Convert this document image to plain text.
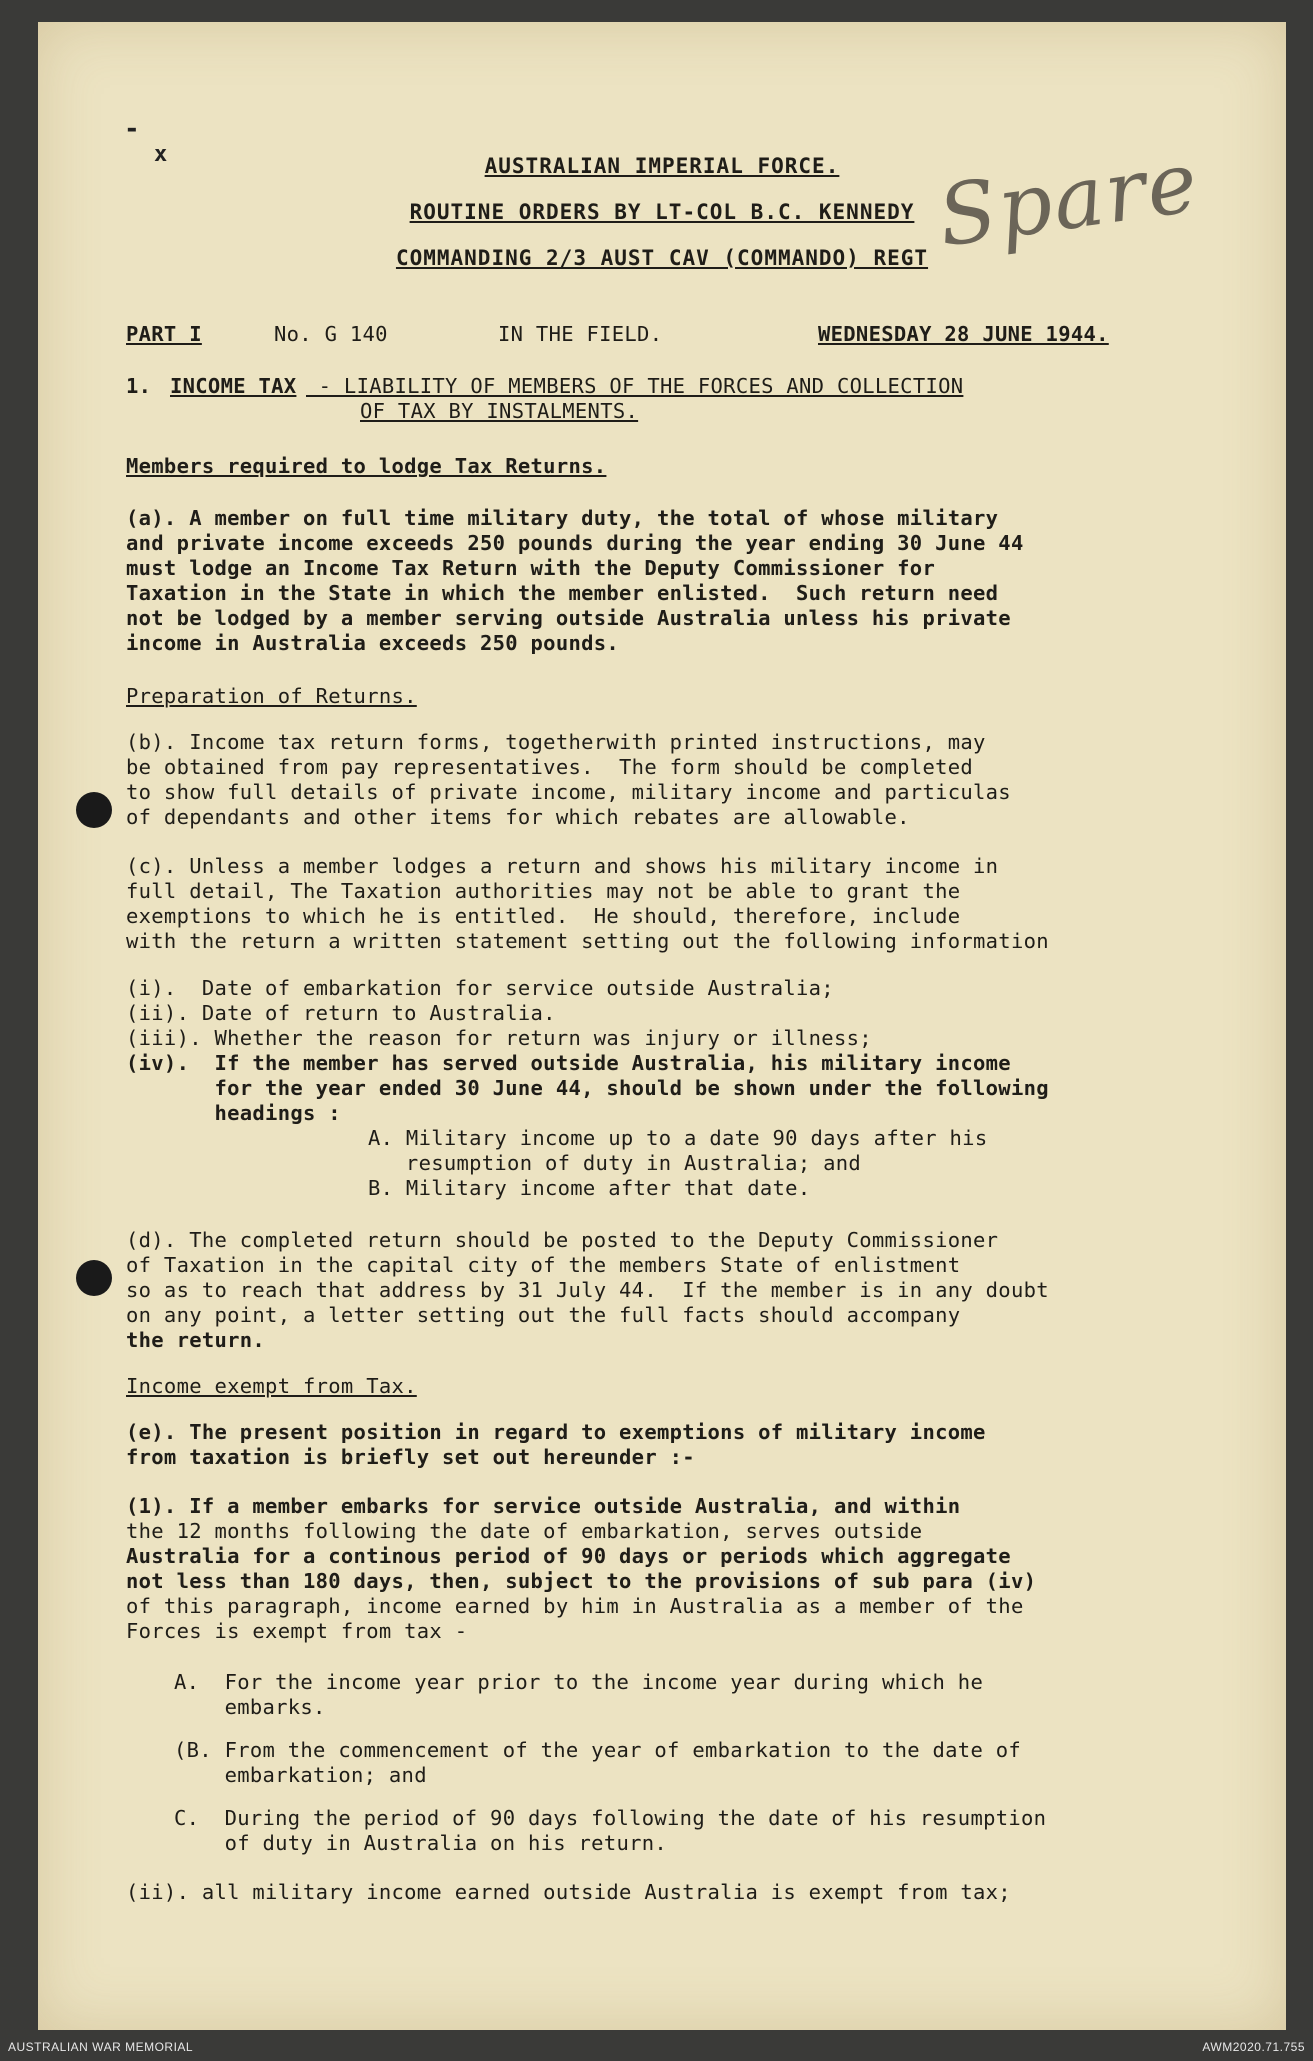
-
x	Spare
AUSTRALIAN IMPERIAL FORCE.
ROUTINE ORDERS BY LT-COL B.C. KENNEDY
COMMANDING 2/3 AUST CAV (COMMANDO) REGT
PART I	No. G 140	IN THE FIELD.	WEDNESDAY 28 JUNE 1944.
1. INCOME TAX - LIABILITY OF MEMBERS OF THE FORCES AND COLLECTION
OF TAX BY INSTALMENTS.
Members required to lodge Tax Returns.
(a). A member on full time military duty, the total of whose military
and private income exceeds 250 pounds during the year ending 30 June 44
must lodge an Income Tax Return with the Deputy Commissioner for
Taxation in the State in which the member enlisted.  Such return need
not be lodged by a member serving outside Australia unless his private
income in Australia exceeds 250 pounds.
Preparation of Returns.
(b). Income tax return forms, togetherwith printed instructions, may
be obtained from pay representatives.  The form should be completed
to show full details of private income, military income and particulas
of dependants and other items for which rebates are allowable.
(c). Unless a member lodges a return and shows his military income in
full detail, The Taxation authorities may not be able to grant the
exemptions to which he is entitled.  He should, therefore, include
with the return a written statement setting out the following information
(i).  Date of embarkation for service outside Australia;
(ii). Date of return to Australia.
(iii). Whether the reason for return was injury or illness;
(iv).  If the member has served outside Australia, his military income
for the year ended 30 June 44, should be shown under the following
headings :
A. Military income up to a date 90 days after his
resumption of duty in Australia; and
B. Military income after that date.
(d). The completed return should be posted to the Deputy Commissioner
of Taxation in the capital city of the members State of enlistment
so as to reach that address by 31 July 44.  If the member is in any doubt
on any point, a letter setting out the full facts should accompany
the return.
Income exempt from Tax.
(e). The present position in regard to exemptions of military income
from taxation is briefly set out hereunder :-
(1). If a member embarks for service outside Australia, and within
the 12 months following the date of embarkation, serves outside
Australia for a continous period of 90 days or periods which aggregate
not less than 180 days, then, subject to the provisions of sub para (iv)
of this paragraph, income earned by him in Australia as a member of the
Forces is exempt from tax -
A.  For the income year prior to the income year during which he
embarks.
(B. From the commencement of the year of embarkation to the date of
embarkation; and
C.  During the period of 90 days following the date of his resumption
of duty in Australia on his return.
(ii). all military income earned outside Australia is exempt from tax;
AUSTRALIAN WAR MEMORIAL	AWM2020.71.755
